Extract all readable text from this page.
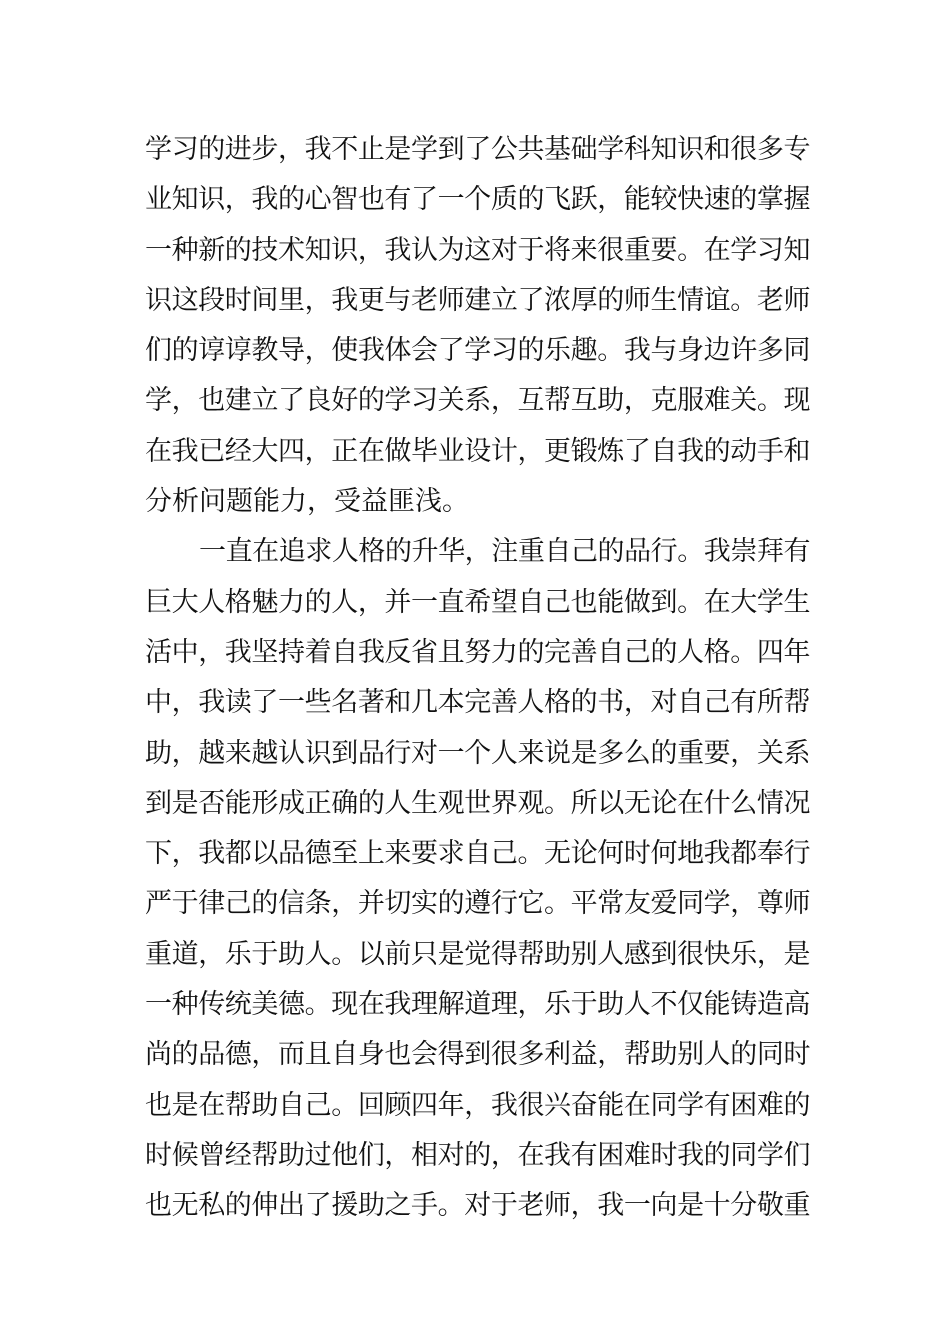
学习的进步，我不止是学到了公共基础学科知识和很多专
业知识，我的心智也有了一个质的飞跃，能较快速的掌握
一种新的技术知识，我认为这对于将来很重要。在学习知
识这段时间里，我更与老师建立了浓厚的师生情谊。老师
们的谆谆教导，使我体会了学习的乐趣。我与身边许多同
学，也建立了良好的学习关系，互帮互助，克服难关。现
在我已经大四，正在做毕业设计，更锻炼了自我的动手和
分析问题能力，受益匪浅。
一直在追求人格的升华，注重自己的品行。我崇拜有
巨大人格魅力的人，并一直希望自己也能做到。在大学生
活中，我坚持着自我反省且努力的完善自己的人格。四年
中，我读了一些名著和几本完善人格的书，对自己有所帮
助，越来越认识到品行对一个人来说是多么的重要，关系
到是否能形成正确的人生观世界观。所以无论在什么情况
下，我都以品德至上来要求自己。无论何时何地我都奉行
严于律己的信条，并切实的遵行它。平常友爱同学，尊师
重道，乐于助人。以前只是觉得帮助别人感到很快乐，是
一种传统美德。现在我理解道理，乐于助人不仅能铸造高
尚的品德，而且自身也会得到很多利益，帮助别人的同时
也是在帮助自己。回顾四年，我很兴奋能在同学有困难的
时候曾经帮助过他们，相对的，在我有困难时我的同学们
也无私的伸出了援助之手。对于老师，我一向是十分敬重
